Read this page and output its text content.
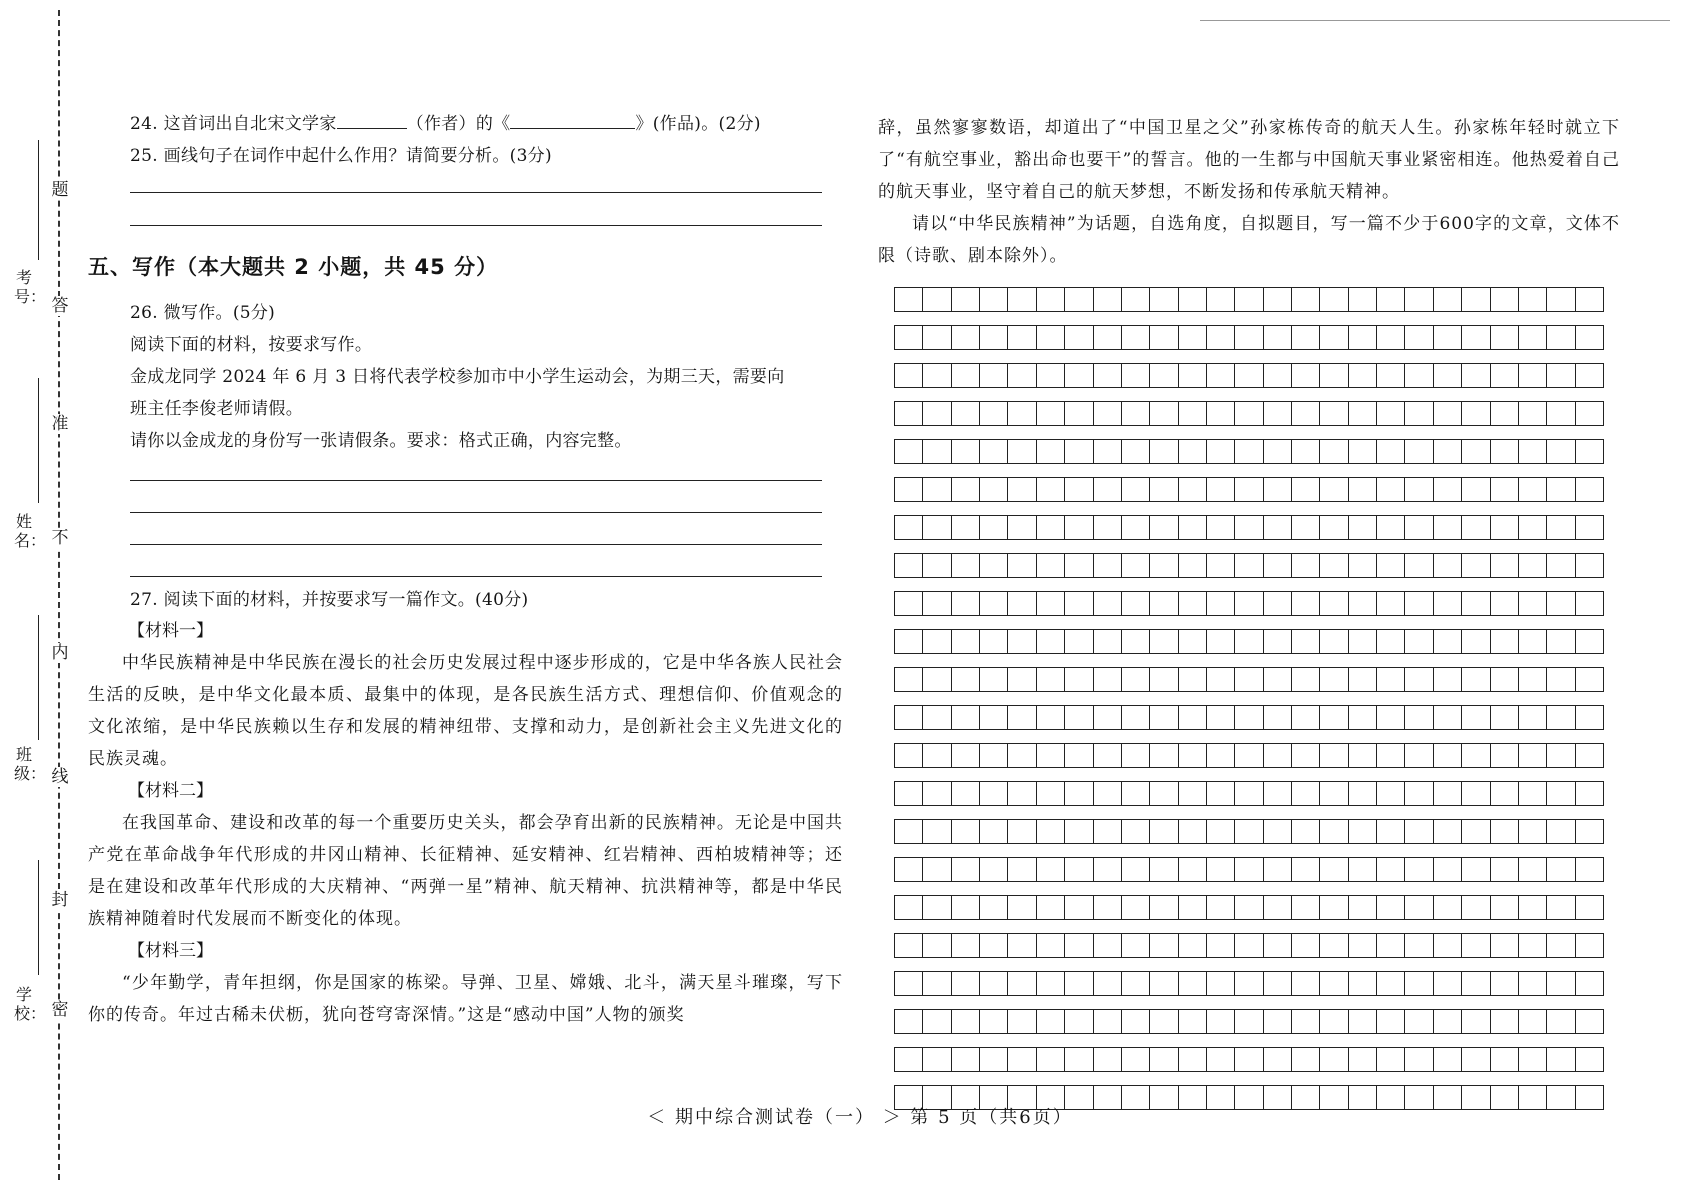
题
答
准
不
内
线
封
密
考号：
姓名：
班级：
学校：
24. 这首词出自北宋文学家	（作者）的《	》(作品)。(2分)
25. 画线句子在词作中起什么作用？请简要分析。(3分)
五、写作（本大题共 2 小题，共 45 分）
26. 微写作。(5分)
阅读下面的材料，按要求写作。
金成龙同学 2024 年 6 月 3 日将代表学校参加市中小学生运动会，为期三天，需要向
班主任李俊老师请假。
请你以金成龙的身份写一张请假条。要求：格式正确，内容完整。
27. 阅读下面的材料，并按要求写一篇作文。(40分)
【材料一】
中华民族精神是中华民族在漫长的社会历史发展过程中逐步形成的，它是中华各族人民社会生活的反映，是中华文化最本质、最集中的体现，是各民族生活方式、理想信仰、价值观念的文化浓缩，是中华民族赖以生存和发展的精神纽带、支撑和动力，是创新社会主义先进文化的民族灵魂。
【材料二】
在我国革命、建设和改革的每一个重要历史关头，都会孕育出新的民族精神。无论是中国共产党在革命战争年代形成的井冈山精神、长征精神、延安精神、红岩精神、西柏坡精神等；还是在建设和改革年代形成的大庆精神、“两弹一星”精神、航天精神、抗洪精神等，都是中华民族精神随着时代发展而不断变化的体现。
【材料三】
“少年勤学，青年担纲，你是国家的栋梁。导弹、卫星、嫦娥、北斗，满天星斗璀璨，写下你的传奇。年过古稀未伏枥，犹向苍穹寄深情。”这是“感动中国”人物的颁奖
辞，虽然寥寥数语，却道出了“中国卫星之父”孙家栋传奇的航天人生。孙家栋年轻时就立下了“有航空事业，豁出命也要干”的誓言。他的一生都与中国航天事业紧密相连。他热爱着自己的航天事业，坚守着自己的航天梦想，不断发扬和传承航天精神。
请以“中华民族精神”为话题，自选角度，自拟题目，写一篇不少于600字的文章，文体不限（诗歌、剧本除外）。
＜ 期中综合测试卷（一） ＞ 第 5 页（共6页）
